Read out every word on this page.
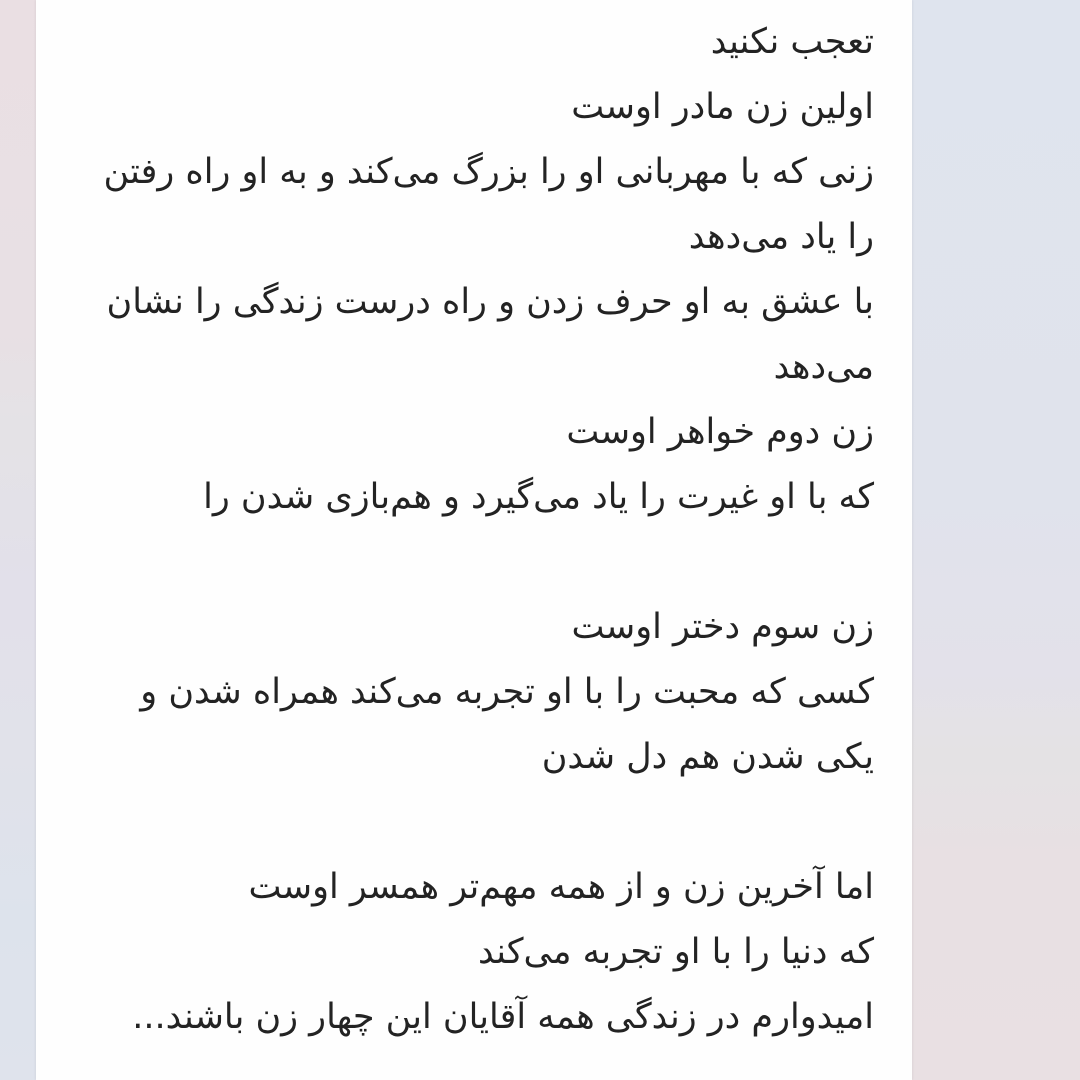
تعجب نکنید
اولین زن مادر اوست
زنی که با مهربانی او را بزرگ می‌کند و به او راه رفتن
را یاد می‌دهد
با عشق به او حرف زدن و راه درست زندگی را نشان
می‌دهد
زن دوم خواهر اوست
که با او غیرت را یاد می‌گیرد و هم‌بازی شدن را
زن سوم دختر اوست
کسی که محبت را با او تجربه می‌کند همراه شدن و
یکی شدن هم دل شدن
اما آخرین زن و از همه مهم‌تر همسر اوست
که دنیا را با او تجربه می‌کند
امیدوارم در زندگی همه آقایان این چهار زن باشند...
